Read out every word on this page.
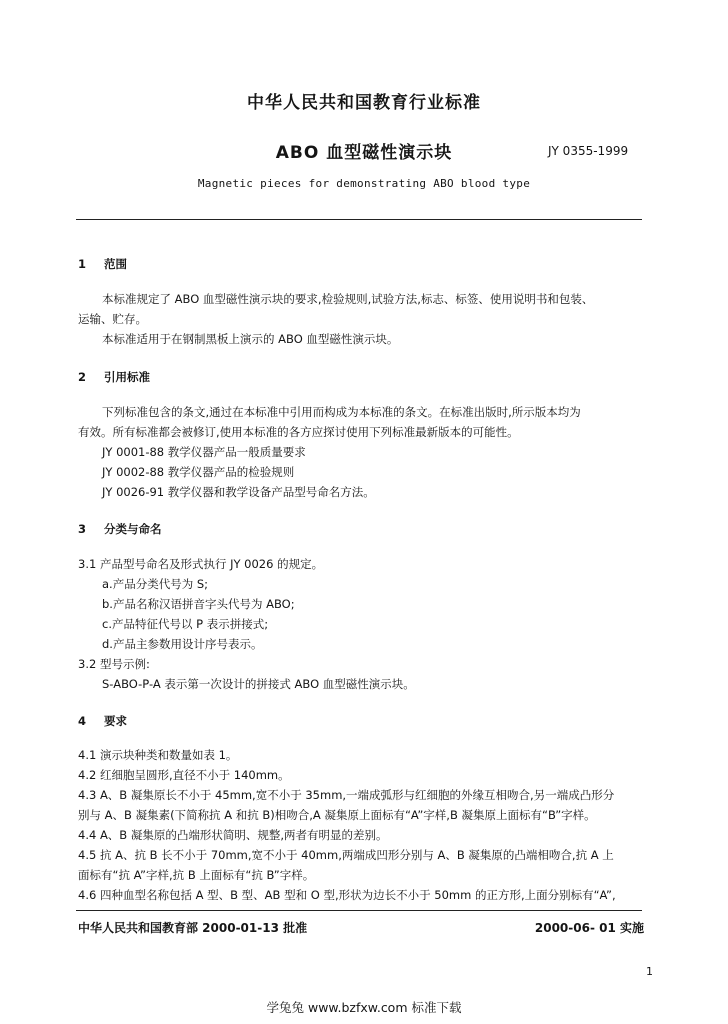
中华人民共和国教育行业标准
ABO 血型磁性演示块	JY 0355-1999
Magnetic pieces for demonstrating ABO blood type
1 范围
本标准规定了 ABO 血型磁性演示块的要求,检验规则,试验方法,标志、标签、使用说明书和包装、
运输、贮存。
本标准适用于在钢制黑板上演示的 ABO 血型磁性演示块。
2 引用标准
下列标准包含的条文,通过在本标准中引用而构成为本标准的条文。在标准出版时,所示版本均为
有效。所有标准都会被修订,使用本标准的各方应探讨使用下列标准最新版本的可能性。
JY 0001-88 教学仪器产品一般质量要求
JY 0002-88 教学仪器产品的检验规则
JY 0026-91 教学仪器和教学设备产品型号命名方法。
3 分类与命名
3.1 产品型号命名及形式执行 JY 0026 的规定。
a.产品分类代号为 S;
b.产品名称汉语拼音字头代号为 ABO;
c.产品特征代号以 P 表示拼接式;
d.产品主参数用设计序号表示。
3.2 型号示例:
S-ABO-P-A 表示第一次设计的拼接式 ABO 血型磁性演示块。
4 要求
4.1 演示块种类和数量如表 1。
4.2 红细胞呈圆形,直径不小于 140mm。
4.3 A、B 凝集原长不小于 45mm,宽不小于 35mm,一端成弧形与红细胞的外缘互相吻合,另一端成凸形分
别与 A、B 凝集素(下简称抗 A 和抗 B)相吻合,A 凝集原上面标有“A”字样,B 凝集原上面标有“B”字样。
4.4 A、B 凝集原的凸端形状简明、规整,两者有明显的差别。
4.5 抗 A、抗 B 长不小于 70mm,宽不小于 40mm,两端成凹形分别与 A、B 凝集原的凸端相吻合,抗 A 上
面标有“抗 A”字样,抗 B 上面标有“抗 B”字样。
4.6 四种血型名称包括 A 型、B 型、AB 型和 O 型,形状为边长不小于 50mm 的正方形,上面分别标有“A”,
中华人民共和国教育部 2000-01-13 批准	2000-06- 01 实施
1
学兔兔 www.bzfxw.com 标准下载
